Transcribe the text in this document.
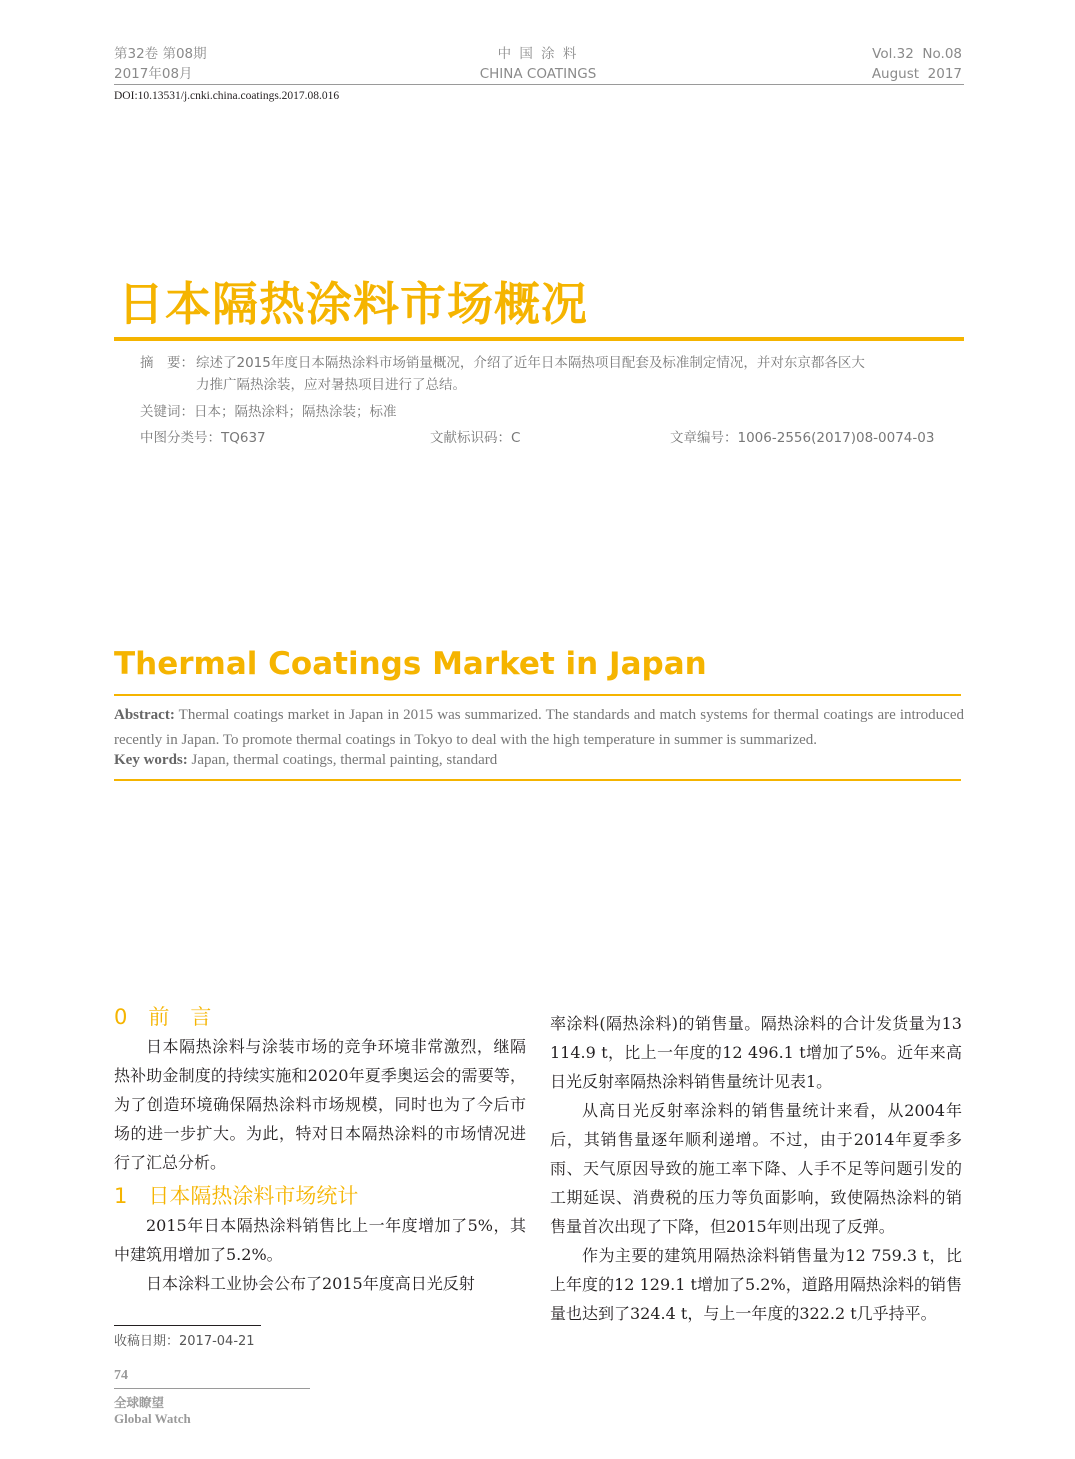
第32卷 第08期
2017年08月
中 国 涂 料
CHINA COATINGS
Vol.32  No.08
August  2017
DOI:10.13531/j.cnki.china.coatings.2017.08.016
日本隔热涂料市场概况
摘　要： 综述了2015年度日本隔热涂料市场销量概况，介绍了近年日本隔热项目配套及标准制定情况，并对东京都各区大
力推广隔热涂装，应对暑热项目进行了总结。
关键词：日本；隔热涂料；隔热涂装；标准
中图分类号：TQ637	文献标识码：C	文章编号：1006-2556(2017)08-0074-03
Thermal Coatings Market in Japan
Abstract: Thermal coatings market in Japan in 2015 was summarized. The standards and match systems for thermal coatings are introduced recently in Japan. To promote thermal coatings in Tokyo to deal with the high temperature in summer is summarized.
Key words: Japan, thermal coatings, thermal painting, standard
0　前　言

日本隔热涂料与涂装市场的竞争环境非常激烈，继隔热补助金制度的持续实施和2020年夏季奥运会的需要等，为了创造环境确保隔热涂料市场规模，同时也为了今后市场的进一步扩大。为此，特对日本隔热涂料的市场情况进行了汇总分析。

1　日本隔热涂料市场统计

2015年日本隔热涂料销售比上一年度增加了5%，其中建筑用增加了5.2%。

日本涂料工业协会公布了2015年度高日光反射

率涂料(隔热涂料)的销售量。隔热涂料的合计发货量为13 114.9 t，比上一年度的12 496.1 t增加了5%。近年来高日光反射率隔热涂料销售量统计见表1。

从高日光反射率涂料的销售量统计来看，从2004年后，其销售量逐年顺利递增。不过，由于2014年夏季多雨、天气原因导致的施工率下降、人手不足等问题引发的工期延误、消费税的压力等负面影响，致使隔热涂料的销售量首次出现了下降，但2015年则出现了反弹。

作为主要的建筑用隔热涂料销售量为12 759.3 t，比上年度的12 129.1 t增加了5.2%，道路用隔热涂料的销售量也达到了324.4 t，与上一年度的322.2 t几乎持平。

收稿日期：2017-04-21
74
全球瞭望
Global Watch
